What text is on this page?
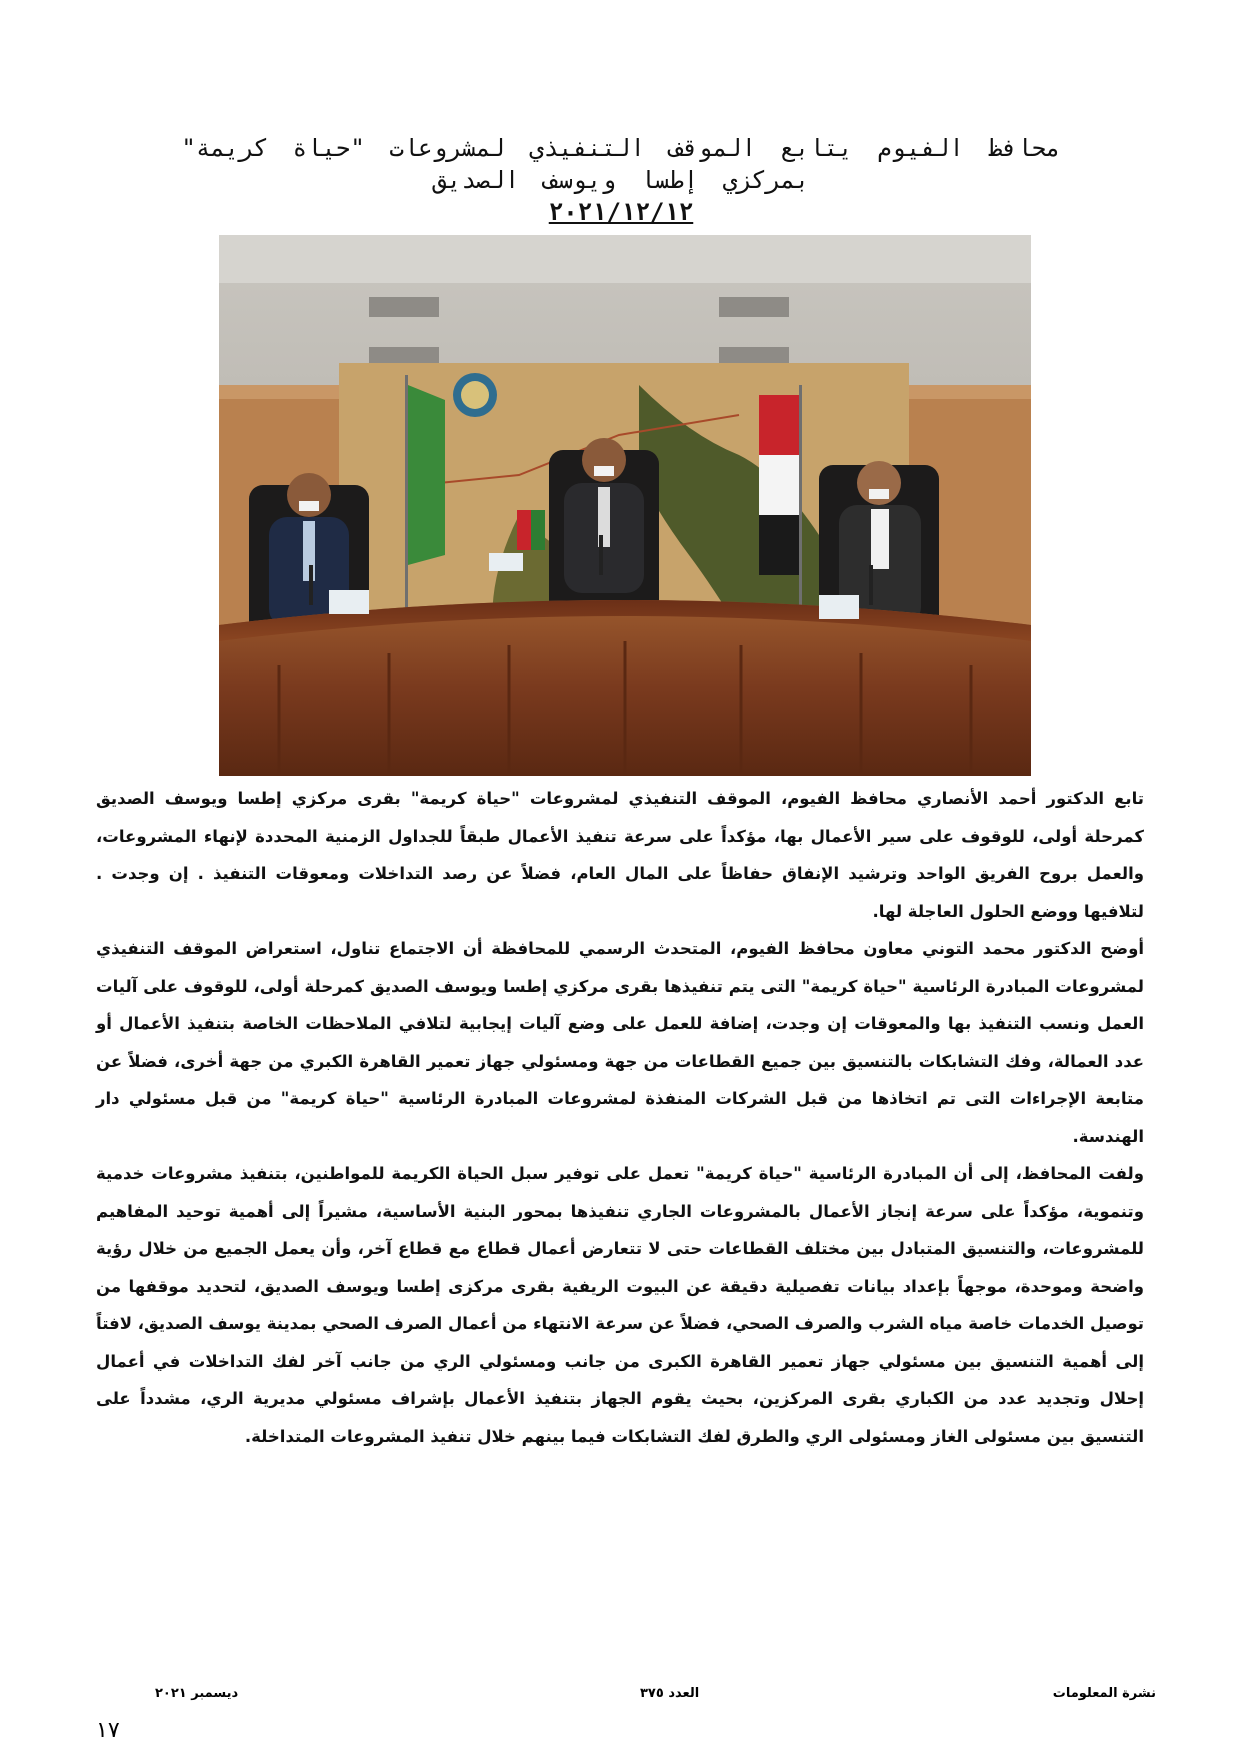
محافظ الفيوم يتابع الموقف التنفيذي لمشروعات "حياة كريمة"
بمركزي إطسا ويوسف الصديق
٢٠٢١/١٢/١٢

تابع الدكتور أحمد الأنصاري محافظ الفيوم، الموقف التنفيذي لمشروعات "حياة كريمة" بقرى مركزي إطسا ويوسف الصديق كمرحلة أولى، للوقوف على سير الأعمال بها، مؤكداً على سرعة تنفيذ الأعمال طبقاً للجداول الزمنية المحددة لإنهاء المشروعات، والعمل بروح الفريق الواحد وترشيد الإنفاق حفاظاً على المال العام، فضلاً عن رصد التداخلات ومعوقات التنفيذ . إن وجدت . لتلافيها ووضع الحلول العاجلة لها.

أوضح الدكتور محمد التوني معاون محافظ الفيوم، المتحدث الرسمي للمحافظة أن الاجتماع تناول، استعراض الموقف التنفيذي لمشروعات المبادرة الرئاسية "حياة كريمة" التى يتم تنفيذها بقرى مركزي إطسا ويوسف الصديق كمرحلة أولى، للوقوف على آليات العمل ونسب التنفيذ بها والمعوقات إن وجدت، إضافة للعمل على وضع آليات إيجابية لتلافي الملاحظات الخاصة بتنفيذ الأعمال أو عدد العمالة، وفك التشابكات بالتنسيق بين جميع القطاعات من جهة ومسئولي جهاز تعمير القاهرة الكبري من جهة أخرى، فضلاً عن متابعة الإجراءات التى تم اتخاذها من قبل الشركات المنفذة لمشروعات المبادرة الرئاسية "حياة كريمة" من قبل مسئولي دار الهندسة.

ولفت المحافظ، إلى أن المبادرة الرئاسية "حياة كريمة" تعمل على توفير سبل الحياة الكريمة للمواطنين، بتنفيذ مشروعات خدمية وتنموية، مؤكداً على سرعة إنجاز الأعمال بالمشروعات الجاري تنفيذها بمحور البنية الأساسية، مشيراً إلى أهمية توحيد المفاهيم للمشروعات، والتنسيق المتبادل بين مختلف القطاعات حتى لا تتعارض أعمال قطاع مع قطاع آخر، وأن يعمل الجميع من خلال رؤية واضحة وموحدة، موجهاً بإعداد بيانات تفصيلية دقيقة عن البيوت الريفية بقرى مركزى إطسا ويوسف الصديق، لتحديد موقفها من توصيل الخدمات خاصة مياه الشرب والصرف الصحي، فضلاً عن سرعة الانتهاء من أعمال الصرف الصحي بمدينة يوسف الصديق، لافتاً إلى أهمية التنسيق بين مسئولي جهاز تعمير القاهرة الكبرى من جانب ومسئولي الري من جانب آخر لفك التداخلات في أعمال إحلال وتجديد عدد من الكباري بقرى المركزين، بحيث يقوم الجهاز بتنفيذ الأعمال بإشراف مسئولي مديرية الري، مشدداً على التنسيق بين مسئولى الغاز ومسئولى الري والطرق لفك التشابكات فيما بينهم خلال تنفيذ المشروعات المتداخلة.

نشرة المعلومات
العدد ٣٧٥
ديسمبر ٢٠٢١
١٧
